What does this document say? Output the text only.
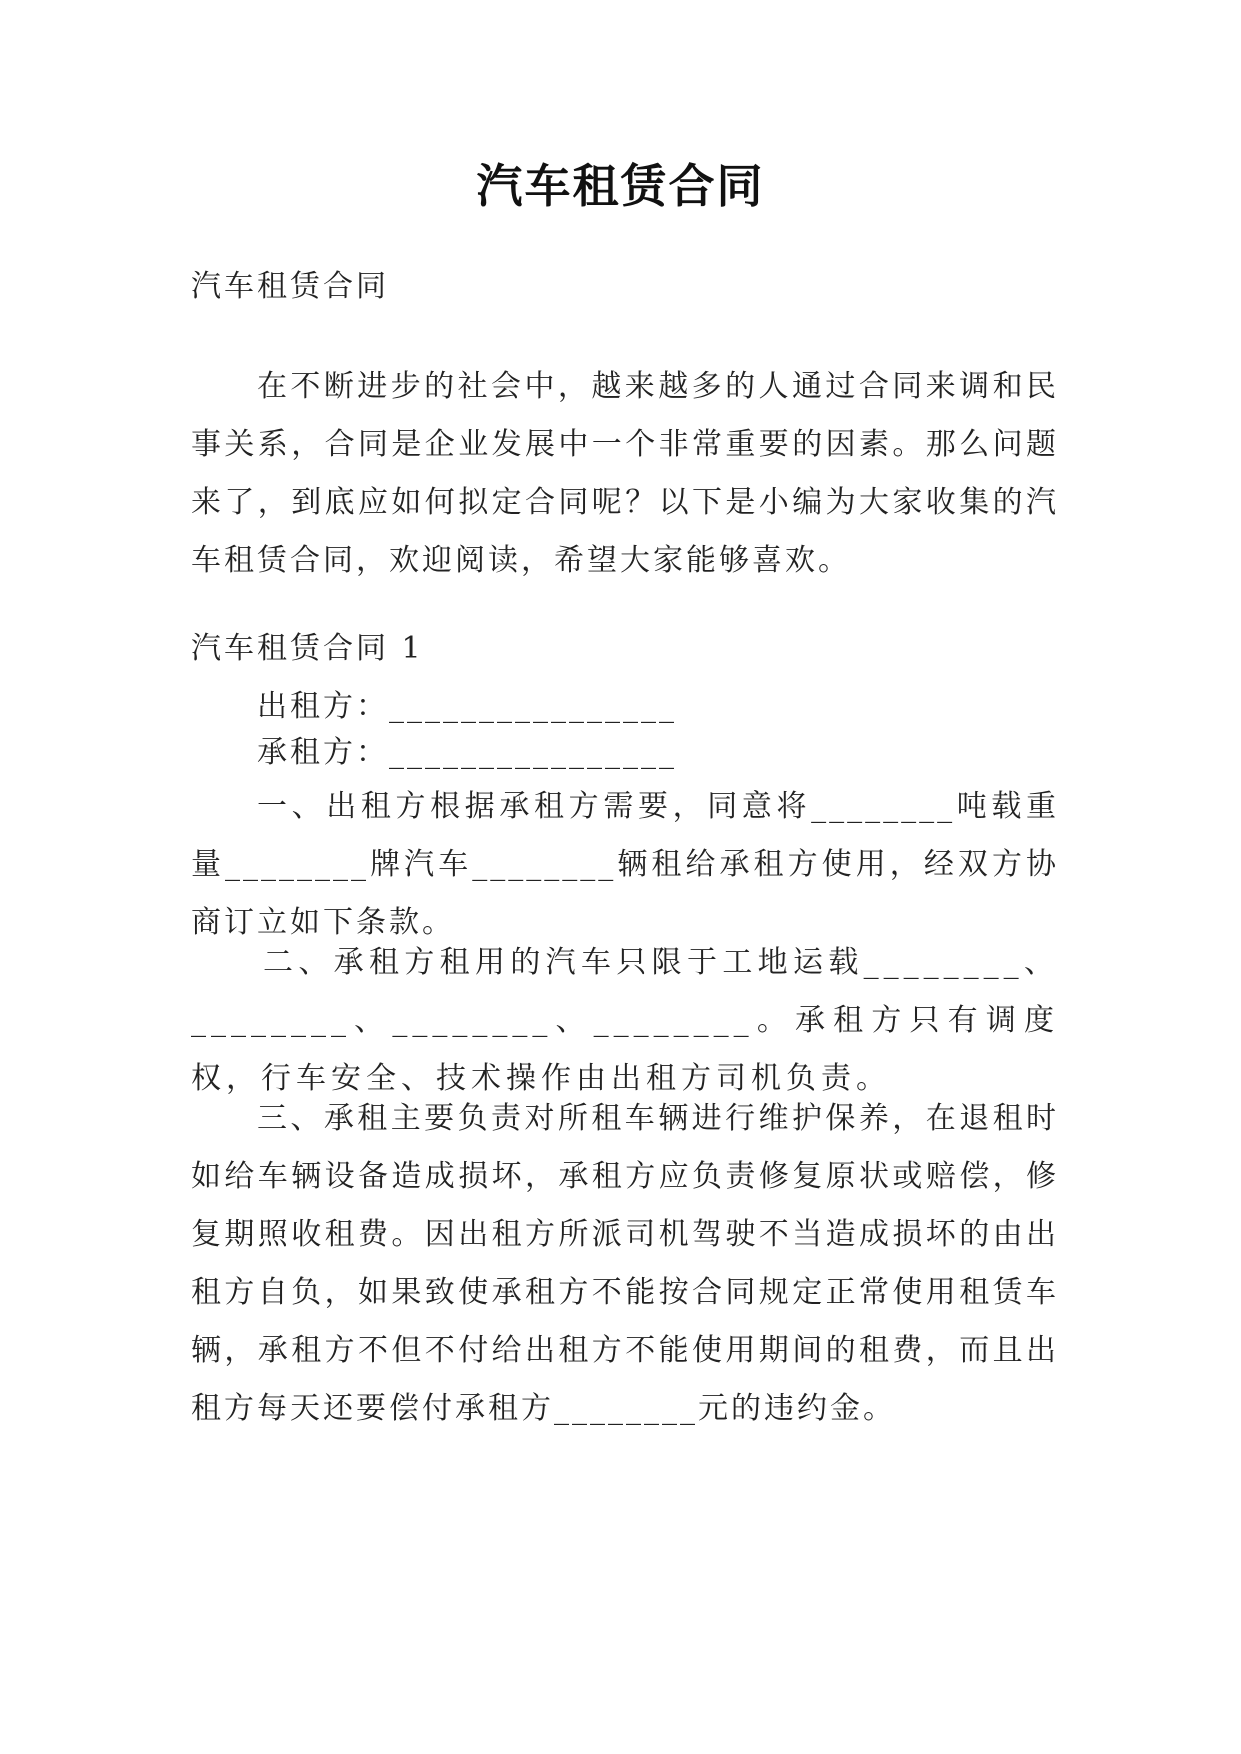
汽车租赁合同

汽车租赁合同

在不断进步的社会中，越来越多的人通过合同来调和民事关系，合同是企业发展中一个非常重要的因素。那么问题来了，到底应如何拟定合同呢？以下是小编为大家收集的汽车租赁合同，欢迎阅读，希望大家能够喜欢。

汽车租赁合同 1

出租方：________________

承租方：________________

一、出租方根据承租方需要，同意将________吨载重量________牌汽车________辆租给承租方使用，经双方协商订立如下条款。

二、承租方租用的汽车只限于工地运载________、________、________、________。承租方只有调度权，行车安全、技术操作由出租方司机负责。

三、承租主要负责对所租车辆进行维护保养，在退租时如给车辆设备造成损坏，承租方应负责修复原状或赔偿，修复期照收租费。因出租方所派司机驾驶不当造成损坏的由出租方自负，如果致使承租方不能按合同规定正常使用租赁车辆，承租方不但不付给出租方不能使用期间的租费，而且出租方每天还要偿付承租方________元的违约金。
